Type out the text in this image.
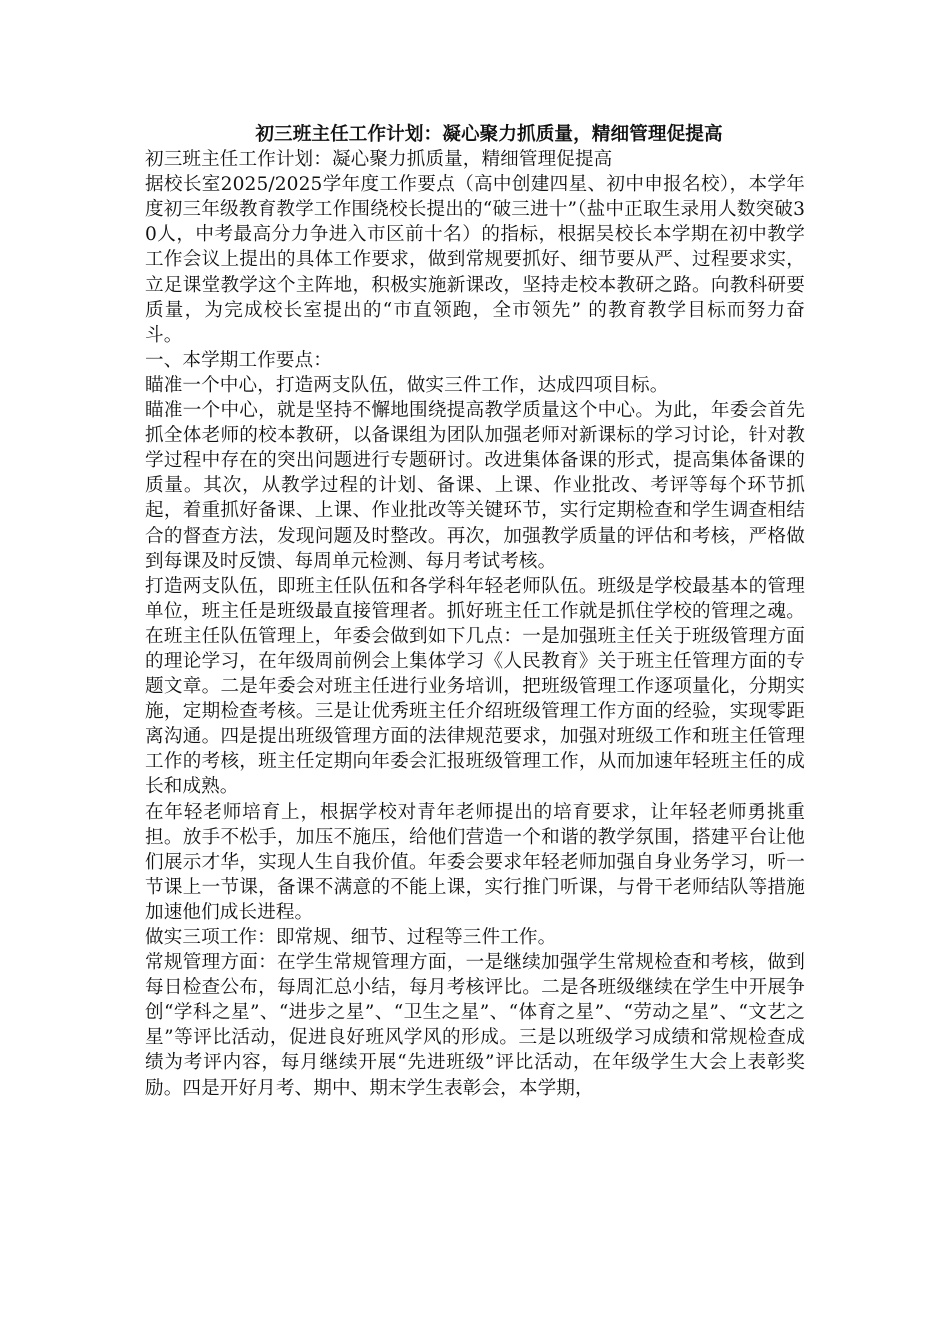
初三班主任工作计划：凝心聚力抓质量，精细管理促提高

初三班主任工作计划：凝心聚力抓质量，精细管理促提高

据校长室2025/2025学年度工作要点（高中创建四星、初中申报名校），本学年度初三年级教育教学工作围绕校长提出的“破三进十”（盐中正取生录用人数突破30人，中考最高分力争进入市区前十名）的指标，根据吴校长本学期在初中教学工作会议上提出的具体工作要求，做到常规要抓好、细节要从严、过程要求实，立足课堂教学这个主阵地，积极实施新课改，坚持走校本教研之路。向教科研要质量，为完成校长室提出的“市直领跑，全市领先” 的教育教学目标而努力奋斗。

一、本学期工作要点：

瞄准一个中心，打造两支队伍，做实三件工作，达成四项目标。

瞄准一个中心，就是坚持不懈地围绕提高教学质量这个中心。为此，年委会首先抓全体老师的校本教研，以备课组为团队加强老师对新课标的学习讨论，针对教学过程中存在的突出问题进行专题研讨。改进集体备课的形式，提高集体备课的质量。其次，从教学过程的计划、备课、上课、作业批改、考评等每个环节抓起，着重抓好备课、上课、作业批改等关键环节，实行定期检查和学生调查相结合的督查方法，发现问题及时整改。再次，加强教学质量的评估和考核，严格做到每课及时反馈、每周单元检测、每月考试考核。

打造两支队伍，即班主任队伍和各学科年轻老师队伍。班级是学校最基本的管理单位，班主任是班级最直接管理者。抓好班主任工作就是抓住学校的管理之魂。在班主任队伍管理上，年委会做到如下几点：一是加强班主任关于班级管理方面的理论学习，在年级周前例会上集体学习《人民教育》关于班主任管理方面的专题文章。二是年委会对班主任进行业务培训，把班级管理工作逐项量化，分期实施，定期检查考核。三是让优秀班主任介绍班级管理工作方面的经验，实现零距离沟通。四是提出班级管理方面的法律规范要求，加强对班级工作和班主任管理工作的考核，班主任定期向年委会汇报班级管理工作，从而加速年轻班主任的成长和成熟。

在年轻老师培育上，根据学校对青年老师提出的培育要求，让年轻老师勇挑重担。放手不松手，加压不施压，给他们营造一个和谐的教学氛围，搭建平台让他们展示才华，实现人生自我价值。年委会要求年轻老师加强自身业务学习，听一节课上一节课，备课不满意的不能上课，实行推门听课，与骨干老师结队等措施加速他们成长进程。

做实三项工作：即常规、细节、过程等三件工作。

常规管理方面：在学生常规管理方面，一是继续加强学生常规检查和考核，做到每日检查公布，每周汇总小结，每月考核评比。二是各班级继续在学生中开展争创“学科之星”、“进步之星”、“卫生之星”、“体育之星”、“劳动之星”、“文艺之星”等评比活动，促进良好班风学风的形成。三是以班级学习成绩和常规检查成绩为考评内容，每月继续开展“先进班级”评比活动，在年级学生大会上表彰奖励。四是开好月考、期中、期末学生表彰会，本学期，
